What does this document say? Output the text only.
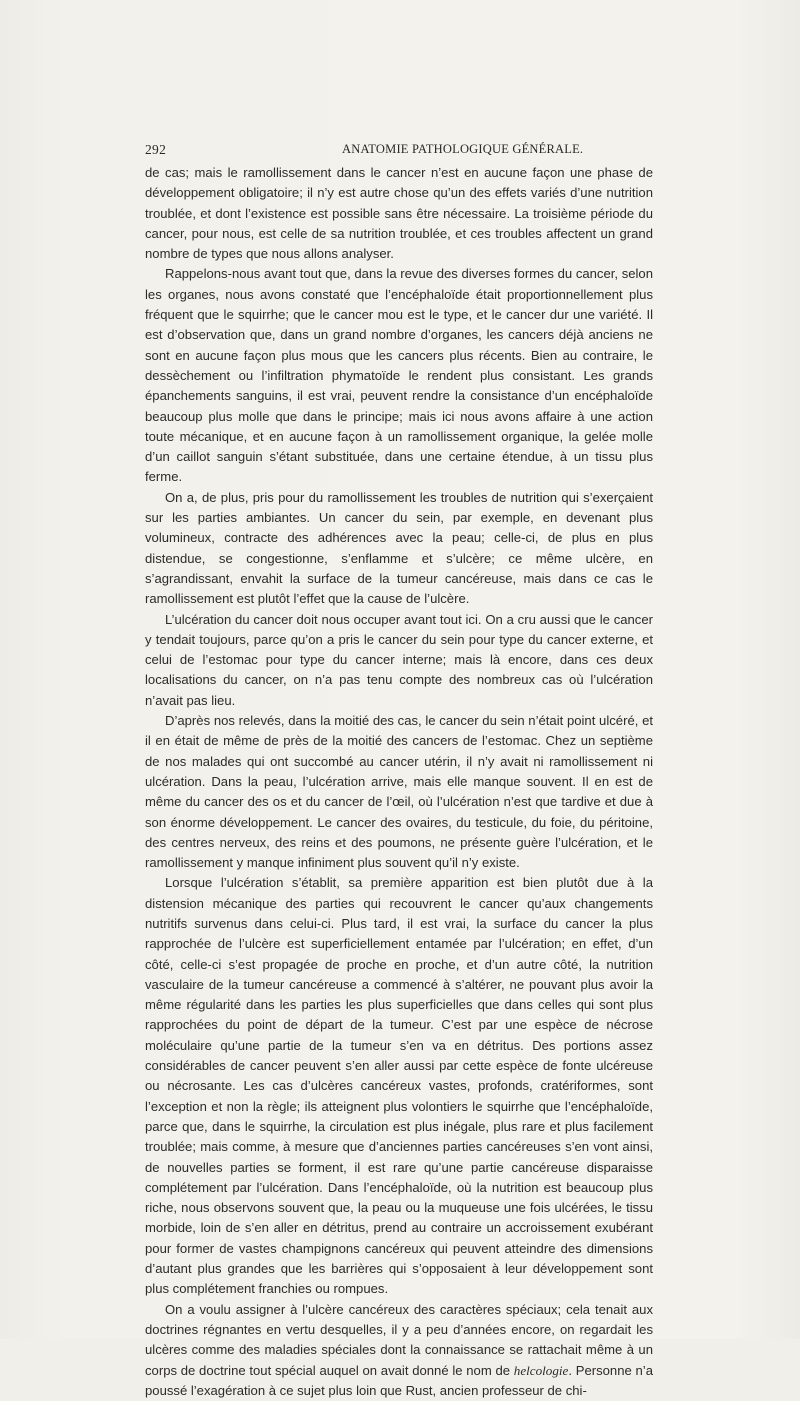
292	ANATOMIE PATHOLOGIQUE GÉNÉRALE.

de cas; mais le ramollissement dans le cancer n’est en aucune façon une phase de développement obligatoire; il n’y est autre chose qu’un des effets variés d’une nutrition troublée, et dont l’existence est possible sans être nécessaire. La troisième période du cancer, pour nous, est celle de sa nutrition troublée, et ces troubles affectent un grand nombre de types que nous allons analyser.

Rappelons-nous avant tout que, dans la revue des diverses formes du cancer, selon les organes, nous avons constaté que l’encéphaloïde était proportionnellement plus fréquent que le squirrhe; que le cancer mou est le type, et le cancer dur une variété. Il est d’observation que, dans un grand nombre d’organes, les cancers déjà anciens ne sont en aucune façon plus mous que les cancers plus récents. Bien au contraire, le dessèchement ou l’infiltration phymatoïde le rendent plus consistant. Les grands épanchements sanguins, il est vrai, peuvent rendre la consistance d’un encéphaloïde beaucoup plus molle que dans le principe; mais ici nous avons affaire à une action toute mécanique, et en aucune façon à un ramollissement organique, la gelée molle d’un caillot sanguin s’étant substituée, dans une certaine étendue, à un tissu plus ferme.

On a, de plus, pris pour du ramollissement les troubles de nutrition qui s’exerçaient sur les parties ambiantes. Un cancer du sein, par exemple, en devenant plus volumineux, contracte des adhérences avec la peau; celle-ci, de plus en plus distendue, se congestionne, s’enflamme et s’ulcère; ce même ulcère, en s’agrandissant, envahit la surface de la tumeur cancéreuse, mais dans ce cas le ramollissement est plutôt l’effet que la cause de l’ulcère.

L’ulcération du cancer doit nous occuper avant tout ici. On a cru aussi que le cancer y tendait toujours, parce qu’on a pris le cancer du sein pour type du cancer externe, et celui de l’estomac pour type du cancer interne; mais là encore, dans ces deux localisations du cancer, on n’a pas tenu compte des nombreux cas où l’ulcération n’avait pas lieu.

D’après nos relevés, dans la moitié des cas, le cancer du sein n’était point ulcéré, et il en était de même de près de la moitié des cancers de l’estomac. Chez un septième de nos malades qui ont succombé au cancer utérin, il n’y avait ni ramollissement ni ulcération. Dans la peau, l’ulcération arrive, mais elle manque souvent. Il en est de même du cancer des os et du cancer de l’œil, où l’ulcération n’est que tardive et due à son énorme développement. Le cancer des ovaires, du testicule, du foie, du péritoine, des centres nerveux, des reins et des poumons, ne présente guère l’ulcération, et le ramollissement y manque infiniment plus souvent qu’il n’y existe.

Lorsque l’ulcération s’établit, sa première apparition est bien plutôt due à la distension mécanique des parties qui recouvrent le cancer qu’aux changements nutritifs survenus dans celui-ci. Plus tard, il est vrai, la surface du cancer la plus rapprochée de l’ulcère est superficiellement entamée par l’ulcération; en effet, d’un côté, celle-ci s’est propagée de proche en proche, et d’un autre côté, la nutrition vasculaire de la tumeur cancéreuse a commencé à s’altérer, ne pouvant plus avoir la même régularité dans les parties les plus superficielles que dans celles qui sont plus rapprochées du point de départ de la tumeur. C’est par une espèce de nécrose moléculaire qu’une partie de la tumeur s’en va en détritus. Des portions assez considérables de cancer peuvent s’en aller aussi par cette espèce de fonte ulcéreuse ou nécrosante. Les cas d’ulcères cancéreux vastes, profonds, cratériformes, sont l’exception et non la règle; ils atteignent plus volontiers le squirrhe que l’encéphaloïde, parce que, dans le squirrhe, la circulation est plus inégale, plus rare et plus facilement troublée; mais comme, à mesure que d’anciennes parties cancéreuses s’en vont ainsi, de nouvelles parties se forment, il est rare qu’une partie cancéreuse disparaisse complétement par l’ulcération. Dans l’encéphaloïde, où la nutrition est beaucoup plus riche, nous observons souvent que, la peau ou la muqueuse une fois ulcérées, le tissu morbide, loin de s’en aller en détritus, prend au contraire un accroissement exubérant pour former de vastes champignons cancéreux qui peuvent atteindre des dimensions d’autant plus grandes que les barrières qui s’opposaient à leur développement sont plus complétement franchies ou rompues.

On a voulu assigner à l’ulcère cancéreux des caractères spéciaux; cela tenait aux doctrines régnantes en vertu desquelles, il y a peu d’années encore, on regardait les ulcères comme des maladies spéciales dont la connaissance se rattachait même à un corps de doctrine tout spécial auquel on avait donné le nom de helcologie. Personne n’a poussé l’exagération à ce sujet plus loin que Rust, ancien professeur de chi-
